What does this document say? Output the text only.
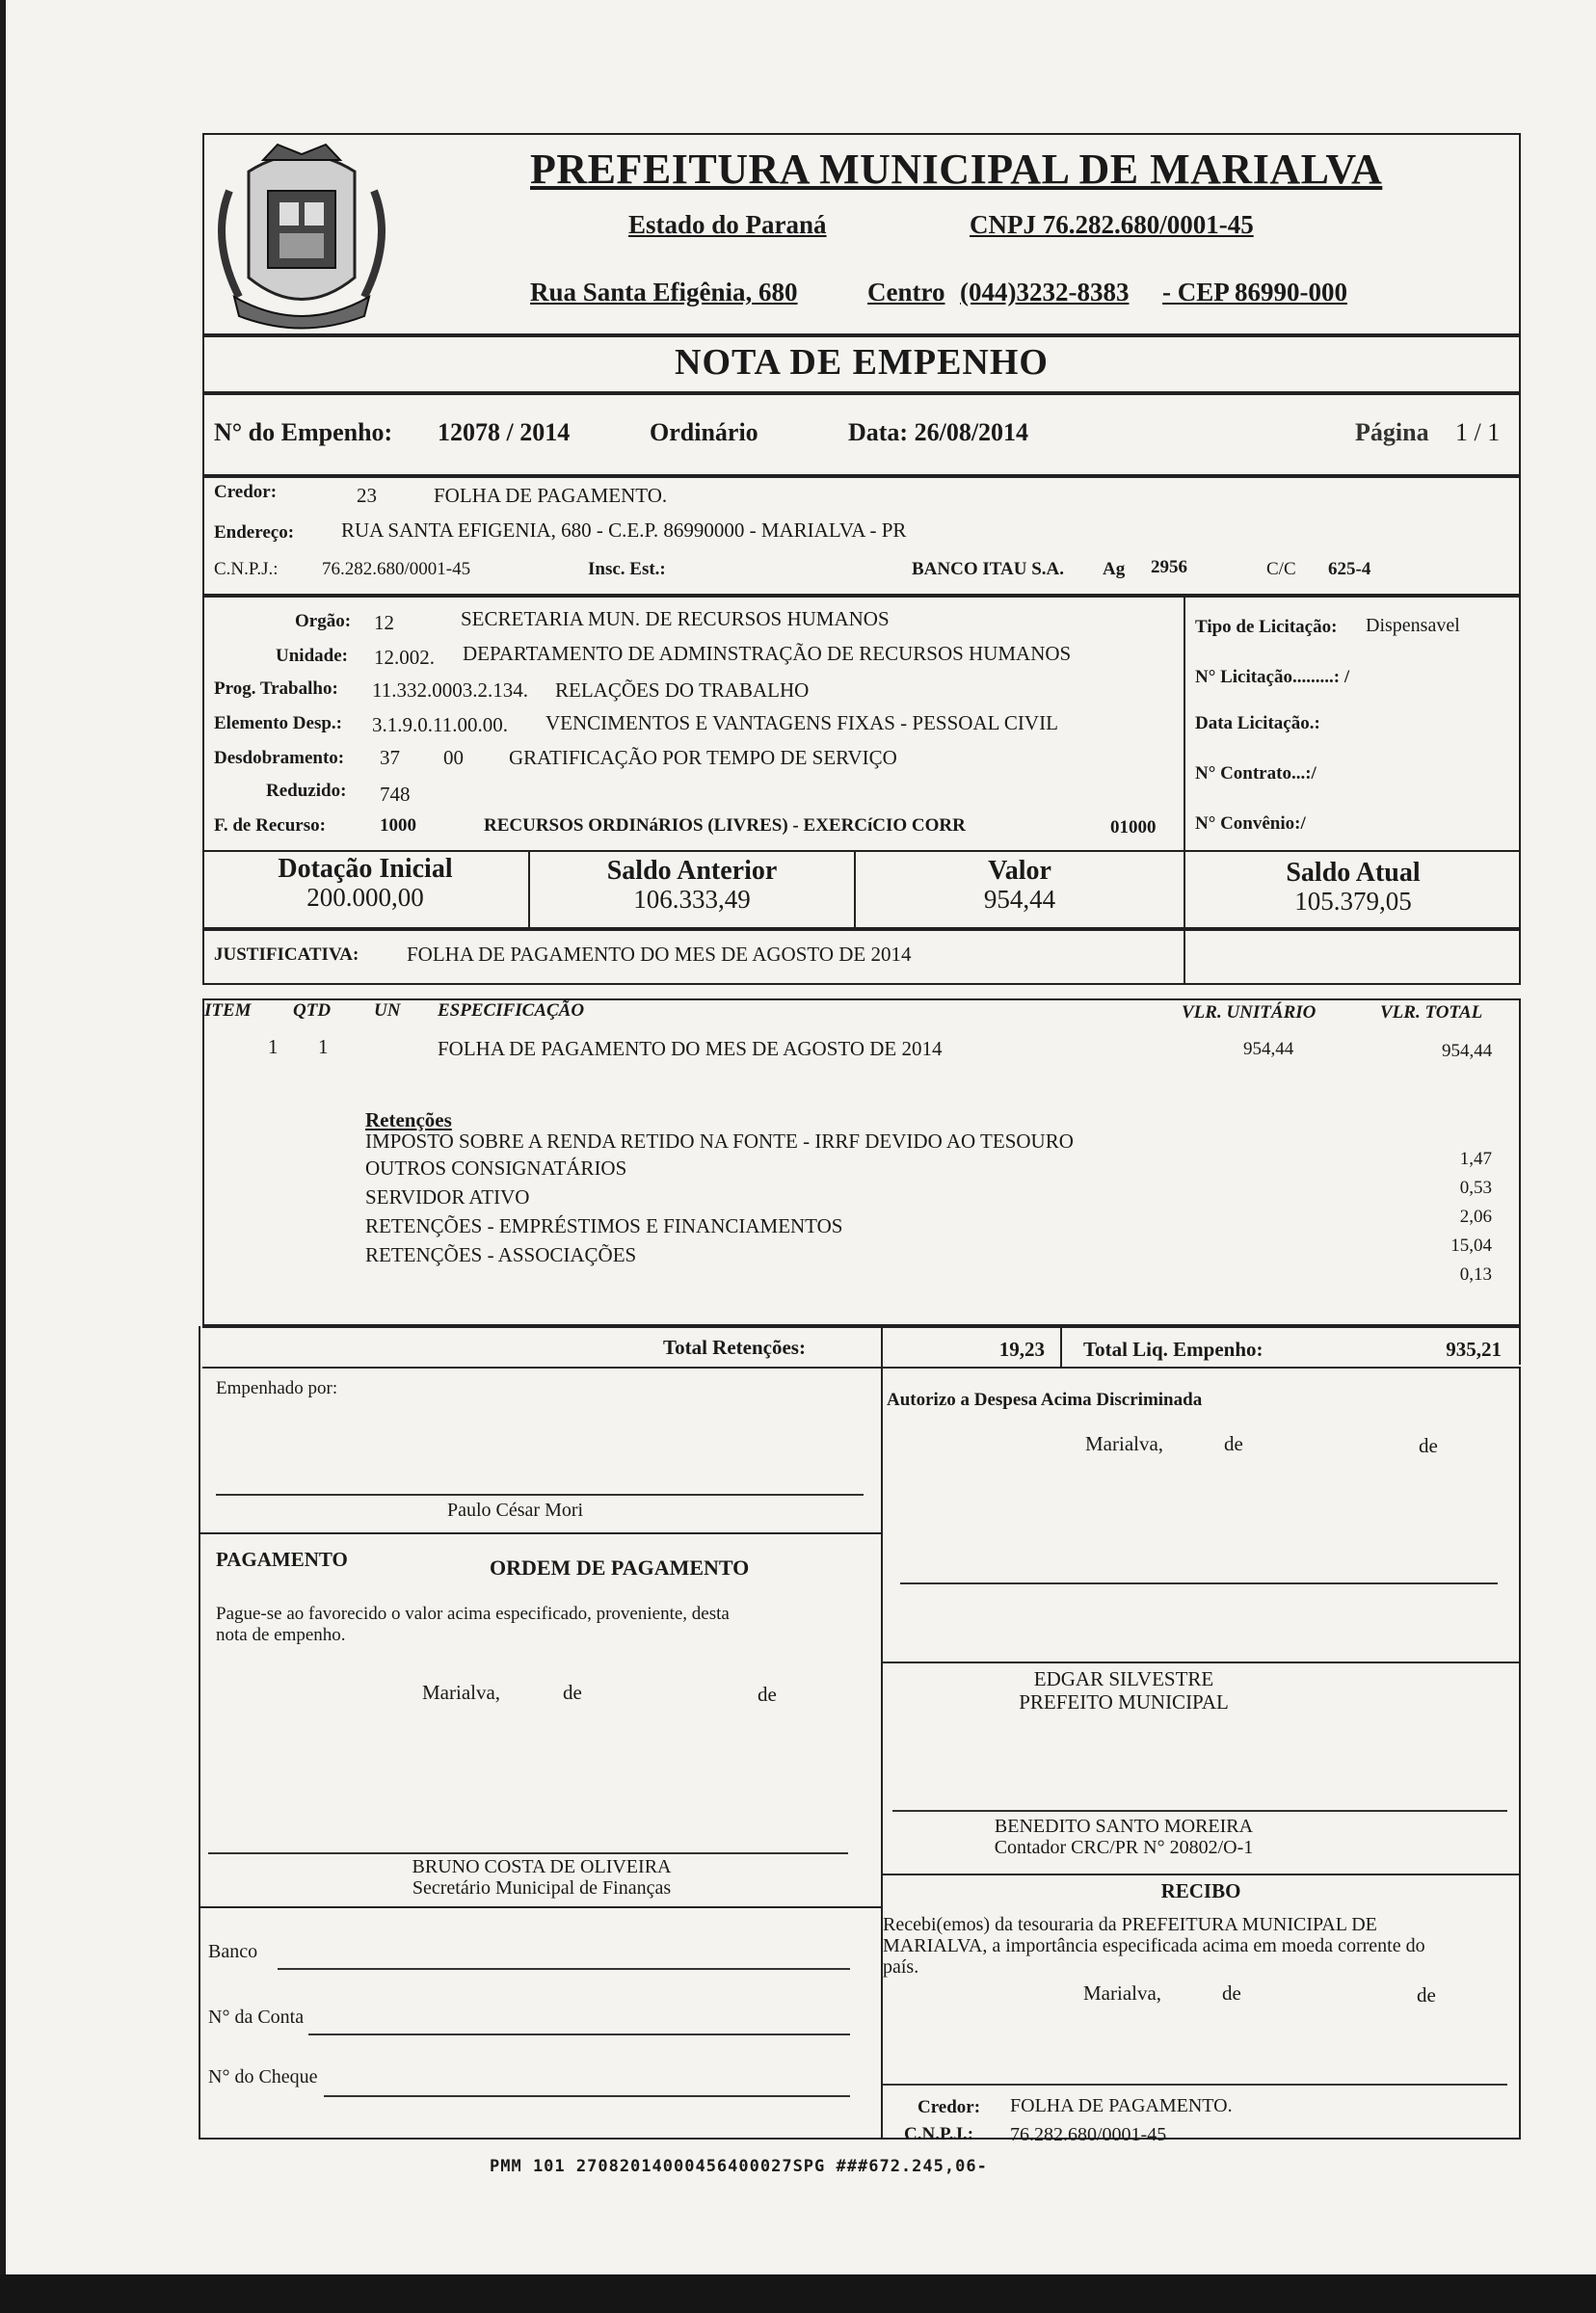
PREFEITURA MUNICIPAL DE MARIALVA
Estado do Paraná	CNPJ 76.282.680/0001-45
Rua Santa Efigênia, 680	Centro (044)3232-8383 - CEP 86990-000
NOTA DE EMPENHO
N° do Empenho: 12078 / 2014	Ordinário	Data: 26/08/2014	Página 1 / 1
Credor:	23	FOLHA DE PAGAMENTO.
Endereço: RUA SANTA EFIGENIA, 680 - C.E.P. 86990000 - MARIALVA - PR
C.N.P.J.: 76.282.680/0001-45	Insc. Est.:	BANCO ITAU S.A. Ag 2956	C/C 625-4
Orgão: 12	SECRETARIA MUN. DE RECURSOS HUMANOS
Unidade: 12.002. DEPARTAMENTO DE ADMINSTRAÇÃO DE RECURSOS HUMANOS
Prog. Trabalho: 11.332.0003.2.134. RELAÇÕES DO TRABALHO
Elemento Desp.: 3.1.9.0.11.00.00. VENCIMENTOS E VANTAGENS FIXAS - PESSOAL CIVIL
Desdobramento: 37 00 GRATIFICAÇÃO POR TEMPO DE SERVIÇO
Reduzido: 748
F. de Recurso:	1000	RECURSOS ORDINáRIOS (LIVRES) - EXERCíCIO CORR	01000
Tipo de Licitação: Dispensavel
N° Licitação.........: /
Data Licitação.:
N° Contrato...:/
N° Convênio:/
Dotação Inicial
200.000,00
Saldo Anterior
106.333,49
Valor
954,44
Saldo Atual
105.379,05
JUSTIFICATIVA: FOLHA DE PAGAMENTO DO MES DE AGOSTO DE 2014
ITEM QTD UN ESPECIFICAÇÃO	VLR. UNITÁRIO	VLR. TOTAL
1 1	FOLHA DE PAGAMENTO DO MES DE AGOSTO DE 2014	954,44	954,44
Retenções
IMPOSTO SOBRE A RENDA RETIDO NA FONTE - IRRF DEVIDO AO TESOURO
1,47
OUTROS CONSIGNATÁRIOS
0,53
SERVIDOR ATIVO
2,06
RETENÇÕES - EMPRÉSTIMOS E FINANCIAMENTOS
15,04
RETENÇÕES - ASSOCIAÇÕES
0,13
Total Retenções:	19,23 Total Liq. Empenho:	935,21
Empenhado por:
Paulo César Mori
Autorizo a Despesa Acima Discriminada
Marialva,	de	de
PAGAMENTO	ORDEM DE PAGAMENTO
Pague-se ao favorecido o valor acima especificado, proveniente, desta
nota de empenho.
Marialva,	de	de
EDGAR SILVESTRE
PREFEITO MUNICIPAL
BENEDITO SANTO MOREIRA
Contador CRC/PR N° 20802/O-1
BRUNO COSTA DE OLIVEIRA
Secretário Municipal de Finanças
Banco
N° da Conta
N° do Cheque
RECIBO
Recebi(emos) da tesouraria da PREFEITURA MUNICIPAL DE
MARIALVA, a importância especificada acima em moeda corrente do
país.
Marialva,	de	de
Credor: FOLHA DE PAGAMENTO.
C.N.P.J.: 76.282.680/0001-45
PMM 101 27082014000456400027SPG ###672.245,06-
